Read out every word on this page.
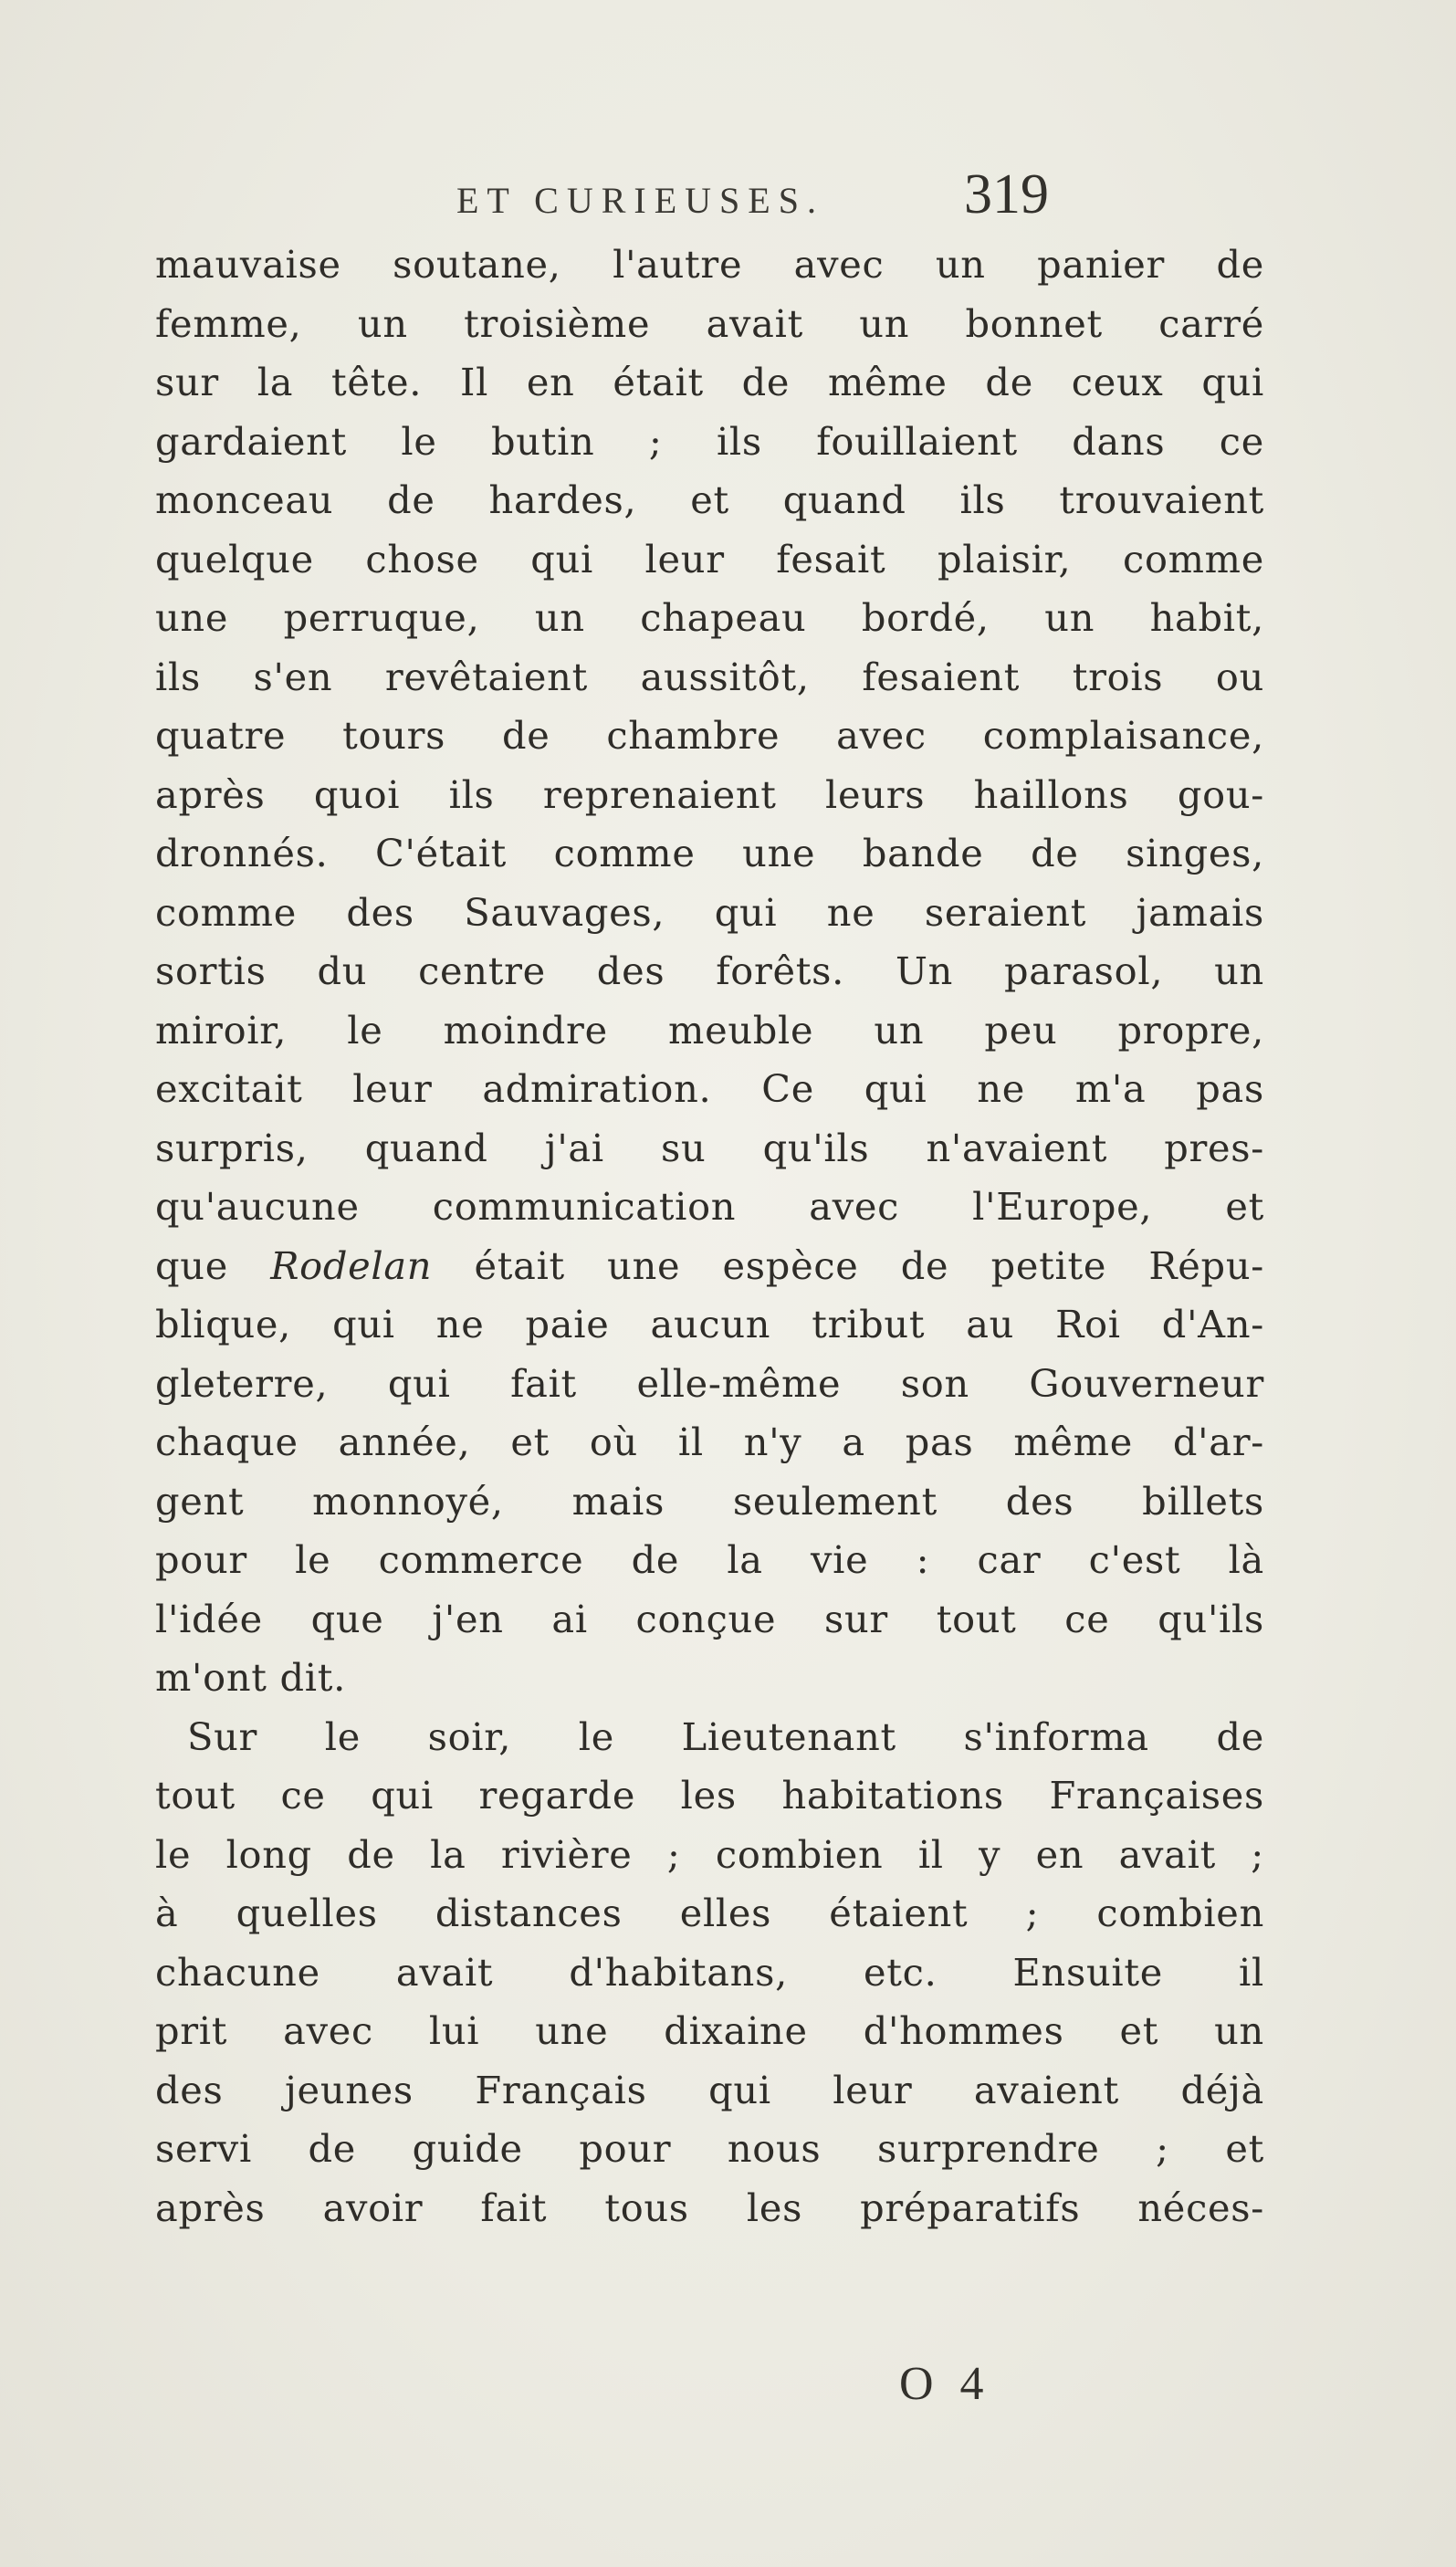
ET CURIEUSES. 319
mauvaise soutane, l'autre avec un panier de
femme, un troisième avait un bonnet carré
sur la tête. Il en était de même de ceux qui
gardaient le butin ; ils fouillaient dans ce
monceau de hardes, et quand ils trouvaient
quelque chose qui leur fesait plaisir, comme
une perruque, un chapeau bordé, un habit,
ils s'en revêtaient aussitôt, fesaient trois ou
quatre tours de chambre avec complaisance,
après quoi ils reprenaient leurs haillons gou-
dronnés. C'était comme une bande de singes,
comme des Sauvages, qui ne seraient jamais
sortis du centre des forêts. Un parasol, un
miroir, le moindre meuble un peu propre,
excitait leur admiration. Ce qui ne m'a pas
surpris, quand j'ai su qu'ils n'avaient pres-
qu'aucune communication avec l'Europe, et
que Rodelan était une espèce de petite Répu-
blique, qui ne paie aucun tribut au Roi d'An-
gleterre, qui fait elle-même son Gouverneur
chaque année, et où il n'y a pas même d'ar-
gent monnoyé, mais seulement des billets
pour le commerce de la vie : car c'est là
l'idée que j'en ai conçue sur tout ce qu'ils
m'ont dit.
Sur le soir, le Lieutenant s'informa de
tout ce qui regarde les habitations Françaises
le long de la rivière ; combien il y en avait ;
à quelles distances elles étaient ; combien
chacune avait d'habitans, etc. Ensuite il
prit avec lui une dixaine d'hommes et un
des jeunes Français qui leur avaient déjà
servi de guide pour nous surprendre ; et
après avoir fait tous les préparatifs néces-
O 4
